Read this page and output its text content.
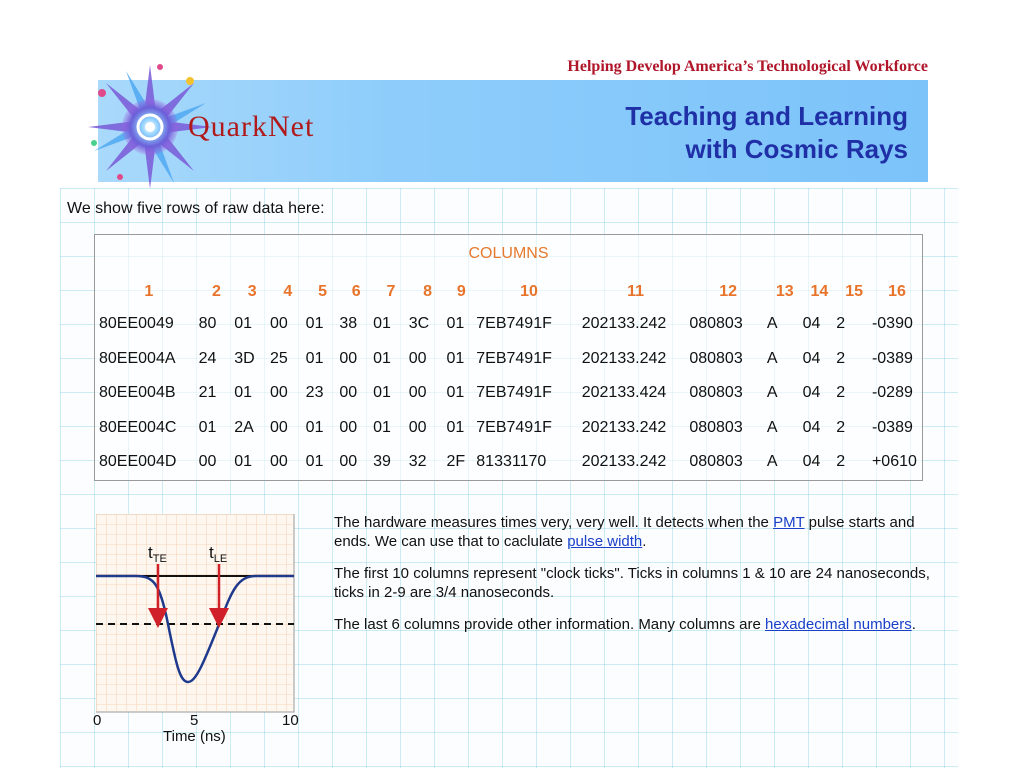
Helping Develop America’s Technological Workforce
QuarkNet	Teaching and Learning
with Cosmic Rays
We show five rows of raw data here:
COLUMNS
1	2	3	4	5	6	7	8	9	10	11	12	13	14	15	16
80EE0049	80	01	00	01	38	01	3C	01	7EB7491F	202133.242	080803	A	04	2	-0390
80EE004A	24	3D	25	01	00	01	00	01	7EB7491F	202133.242	080803	A	04	2	-0389
80EE004B	21	01	00	23	00	01	00	01	7EB7491F	202133.424	080803	A	04	2	-0289
80EE004C	01	2A	00	01	00	01	00	01	7EB7491F	202133.242	080803	A	04	2	-0389
80EE004D	00	01	00	01	00	39	32	2F	81331170	202133.242	080803	A	04	2	+0610
$t_{TE}$ $t_{LE}$
0	5	10
Time (ns)

The hardware measures times very, very well. It detects when the PMT pulse starts and ends. We can use that to caclulate pulse width.

The first 10 columns represent "clock ticks". Ticks in columns 1 & 10 are 24 nanoseconds, ticks in 2-9 are 3/4 nanoseconds.

The last 6 columns provide other information. Many columns are hexadecimal numbers.
